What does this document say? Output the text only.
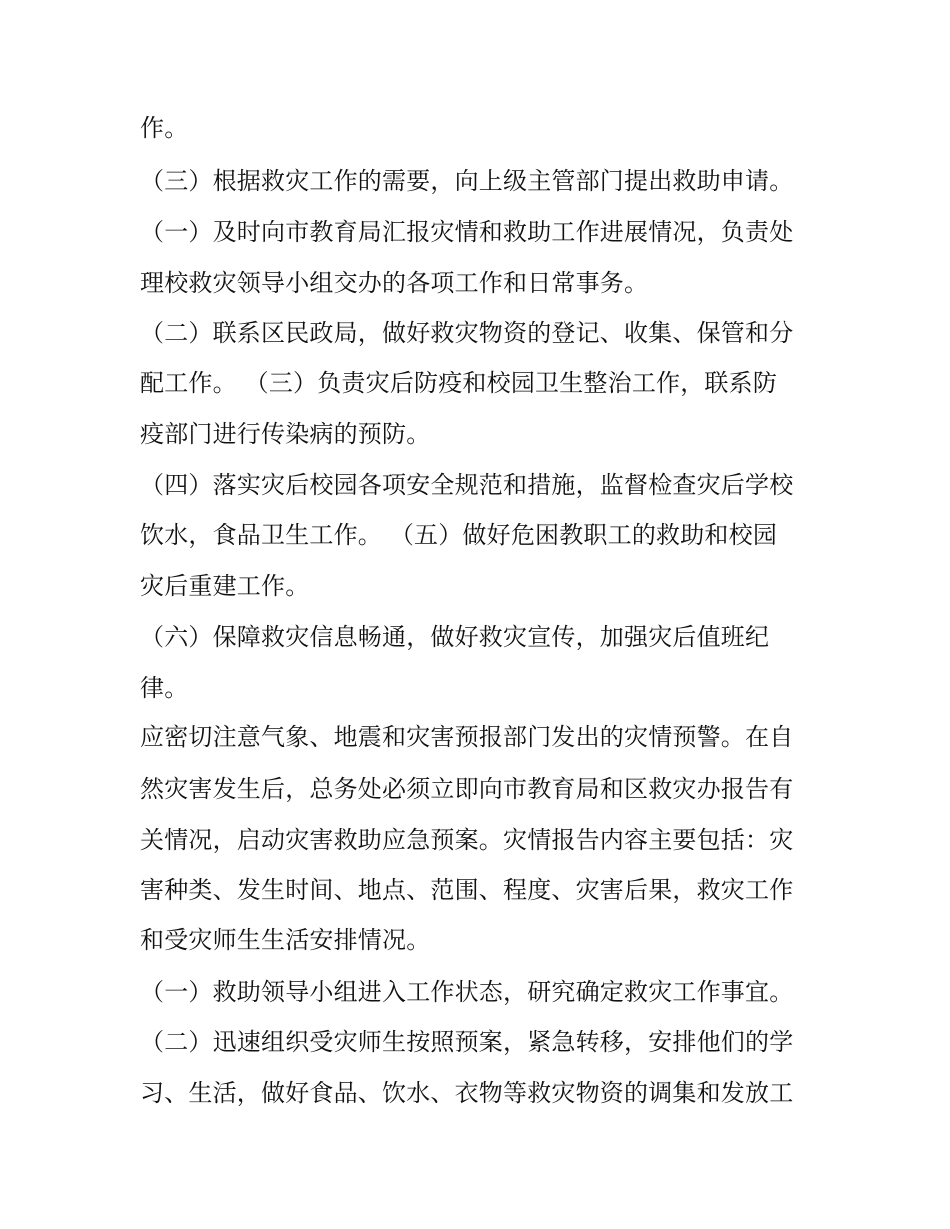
作。
（三）根据救灾工作的需要，向上级主管部门提出救助申请。
（一）及时向市教育局汇报灾情和救助工作进展情况，负责处
理校救灾领导小组交办的各项工作和日常事务。
（二）联系区民政局，做好救灾物资的登记、收集、保管和分
配工作。 （三）负责灾后防疫和校园卫生整治工作，联系防
疫部门进行传染病的预防。
（四）落实灾后校园各项安全规范和措施，监督检查灾后学校
饮水，食品卫生工作。 （五）做好危困教职工的救助和校园
灾后重建工作。
（六）保障救灾信息畅通，做好救灾宣传，加强灾后值班纪
律。
应密切注意气象、地震和灾害预报部门发出的灾情预警。在自
然灾害发生后，总务处必须立即向市教育局和区救灾办报告有
关情况，启动灾害救助应急预案。灾情报告内容主要包括：灾
害种类、发生时间、地点、范围、程度、灾害后果，救灾工作
和受灾师生生活安排情况。
（一）救助领导小组进入工作状态，研究确定救灾工作事宜。
（二）迅速组织受灾师生按照预案，紧急转移，安排他们的学
习、生活，做好食品、饮水、衣物等救灾物资的调集和发放工
